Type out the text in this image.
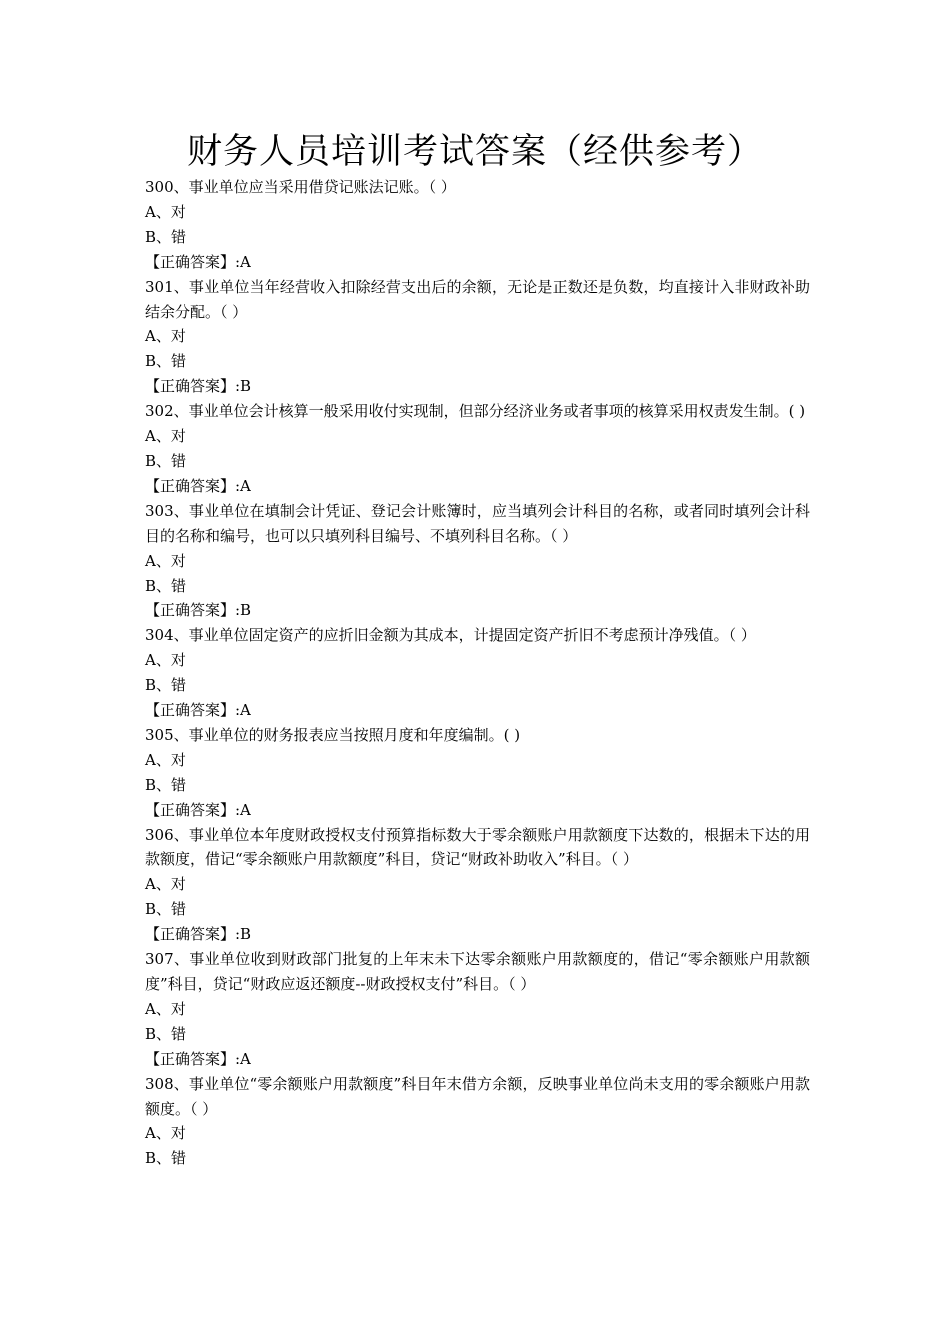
财务人员培训考试答案（经供参考）
300、事业单位应当采用借贷记账法记账。（ ）
A、对
B、错
【正确答案】:A
301、事业单位当年经营收入扣除经营支出后的余额，无论是正数还是负数，均直接计入非财政补助结余分配。（ ）
A、对
B、错
【正确答案】:B
302、事业单位会计核算一般采用收付实现制，但部分经济业务或者事项的核算采用权责发生制。( )
A、对
B、错
【正确答案】:A
303、事业单位在填制会计凭证、登记会计账簿时，应当填列会计科目的名称，或者同时填列会计科目的名称和编号，也可以只填列科目编号、不填列科目名称。（ ）
A、对
B、错
【正确答案】:B
304、事业单位固定资产的应折旧金额为其成本，计提固定资产折旧不考虑预计净残值。（ ）
A、对
B、错
【正确答案】:A
305、事业单位的财务报表应当按照月度和年度编制。( )
A、对
B、错
【正确答案】:A
306、事业单位本年度财政授权支付预算指标数大于零余额账户用款额度下达数的，根据未下达的用款额度，借记“零余额账户用款额度”科目，贷记“财政补助收入”科目。（ ）
A、对
B、错
【正确答案】:B
307、事业单位收到财政部门批复的上年末未下达零余额账户用款额度的，借记“零余额账户用款额度”科目，贷记“财政应返还额度--财政授权支付”科目。（ ）
A、对
B、错
【正确答案】:A
308、事业单位“零余额账户用款额度”科目年末借方余额，反映事业单位尚未支用的零余额账户用款额度。（ ）
A、对
B、错
